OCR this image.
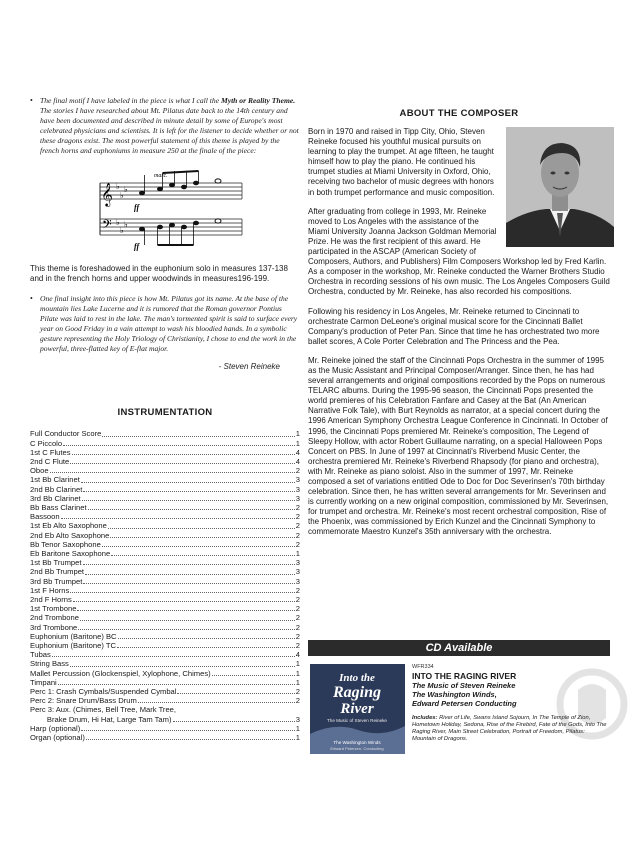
• The final motif I have labeled in the piece is what I call the Myth or Reality Theme. The stories I have researched about Mt. Pilatus date back to the 14th century and have been documented and described in minute detail by some of Europe's most celebrated physicians and scientists. It is left for the listener to decide whether or not these dragons exist. The most powerful statement of this theme is played by the french horns and euphoniums in measure 250 at the finale of the piece:
𝄞
𝄢
♭
♭
♭
♭
♭
♭
marc.
ff
ff
This theme is foreshadowed in the euphonium solo in measures 137-138 and in the french horns and upper woodwinds in measures196-199.
• One final insight into this piece is how Mt. Pilatus got its name. At the base of the mountain lies Lake Lucerne and it is rumored that the Roman governor Pontius Pilate was laid to rest in the lake. The man's tormented spirit is said to surface every year on Good Friday in a vain attempt to wash his bloodied hands. In a symbolic gesture representing the Holy Triology of Christianity, I chose to end the work in the powerful, three-flatted key of E-flat major.
- Steven Reineke
INSTRUMENTATION
Full Conductor Score	1
C Piccolo	1
1st C Flutes	4
2nd C Flute	4
Oboe	2
1st Bb Clarinet	3
2nd Bb Clarinet	3
3rd Bb Clarinet	3
Bb Bass Clarinet	2
Bassoon	2
1st Eb Alto Saxophone	2
2nd Eb Alto Saxophone	2
Bb Tenor Saxophone	2
Eb Baritone Saxophone	1
1st Bb Trumpet	3
2nd Bb Trumpet	3
3rd Bb Trumpet	3
1st F Horns	2
2nd F Horns	2
1st Trombone	2
2nd Trombone	2
3rd Trombone	2
Euphonium (Baritone) BC	2
Euphonium (Baritone) TC	2
Tubas	4
String Bass	1
Mallet Percussion (Glockenspiel, Xylophone, Chimes)	1
Timpani	1
Perc 1: Crash Cymbals/Suspended Cymbal	2
Perc 2: Snare Drum/Bass Drum	2
Perc 3: Aux. (Chimes, Bell Tree, Mark Tree,
Brake Drum, Hi Hat, Large Tam Tam)	3
Harp (optional)	1
Organ (optional)	1
ABOUT THE COMPOSER

Born in 1970 and raised in Tipp City, Ohio, Steven Reineke focused his youthful musical pursuits on learning to play the trumpet. At age fifteen, he taught himself how to play the piano. He continued his trumpet studies at Miami University in Oxford, Ohio, receiving two bachelor of music degrees with honors in both trumpet performance and music composition.

After graduating from college in 1993, Mr. Reineke moved to Los Angeles with the assistance of the Miami University Joanna Jackson Goldman Memorial Prize. He was the first recipient of this award. He participated in the ASCAP (American Society of Composers, Authors, and Publishers) Film Composers Workshop led by Fred Karlin. As a composer in the workshop, Mr. Reineke conducted the Warner Brothers Studio Orchestra in recording sessions of his own music. The Los Angeles Composers Guild Orchestra, conducted by Mr. Reineke, has also recorded his compositions.

Following his residency in Los Angeles, Mr. Reineke returned to Cincinnati to orchestrate Carmon DeLeone's original musical score for the Cincinnati Ballet Company's production of Peter Pan. Since that time he has orchestrated two more ballet scores, A Cole Porter Celebration and The Princess and the Pea.

Mr. Reineke joined the staff of the Cincinnati Pops Orchestra in the summer of 1995 as the Music Assistant and Principal Composer/Arranger. Since then, he has had several arrangements and original compositions recorded by the Pops on numerous TELARC albums. During the 1995-96 season, the Cincinnati Pops presented the world premieres of his Celebration Fanfare and Casey at the Bat (An American Narrative Folk Tale), with Burt Reynolds as narrator, at a special concert during the 1996 American Symphony Orchestra League Conference in Cincinnati. In October of 1996, the Cincinnati Pops premiered Mr. Reineke's composition, The Legend of Sleepy Hollow, with actor Robert Guillaume narrating, on a special Halloween Pops Concert on PBS. In June of 1997 at Cincinnati's Riverbend Music Center, the orchestra premiered Mr. Reineke's Riverbend Rhapsody (for piano and orchestra), with Mr. Reineke as piano soloist. Also in the summer of 1997, Mr. Reineke composed a set of variations entitled Ode to Doc for Doc Severinsen's 70th birthday celebration. Since then, he has written several arrangements for Mr. Severinsen and is currently working on a new original composition, commissioned by Mr. Severinsen, for trumpet and orchestra. Mr. Reineke's most recent orchestral composition, Rise of the Phoenix, was commissioned by Erich Kunzel and the Cincinnati Symphony to commemorate Maestro Kunzel's 35th anniversary with the orchestra.

CD Available
Into the
Raging
River
The Music of Steven Reineke
The Washington Winds
Edward Petersen, Conducting
WFR334
INTO THE RAGING RIVER
The Music of Steven Reineke
The Washington Winds,
Edward Petersen Conducting
Includes: River of Life, Swans Island Sojourn, In The Temple of Zion, Hometown Holiday, Sedona, Rise of the Firebird, Fate of the Gods, Into The Raging River, Main Street Celebration, Portrait of Freedom, Pilatus: Mountain of Dragons.
